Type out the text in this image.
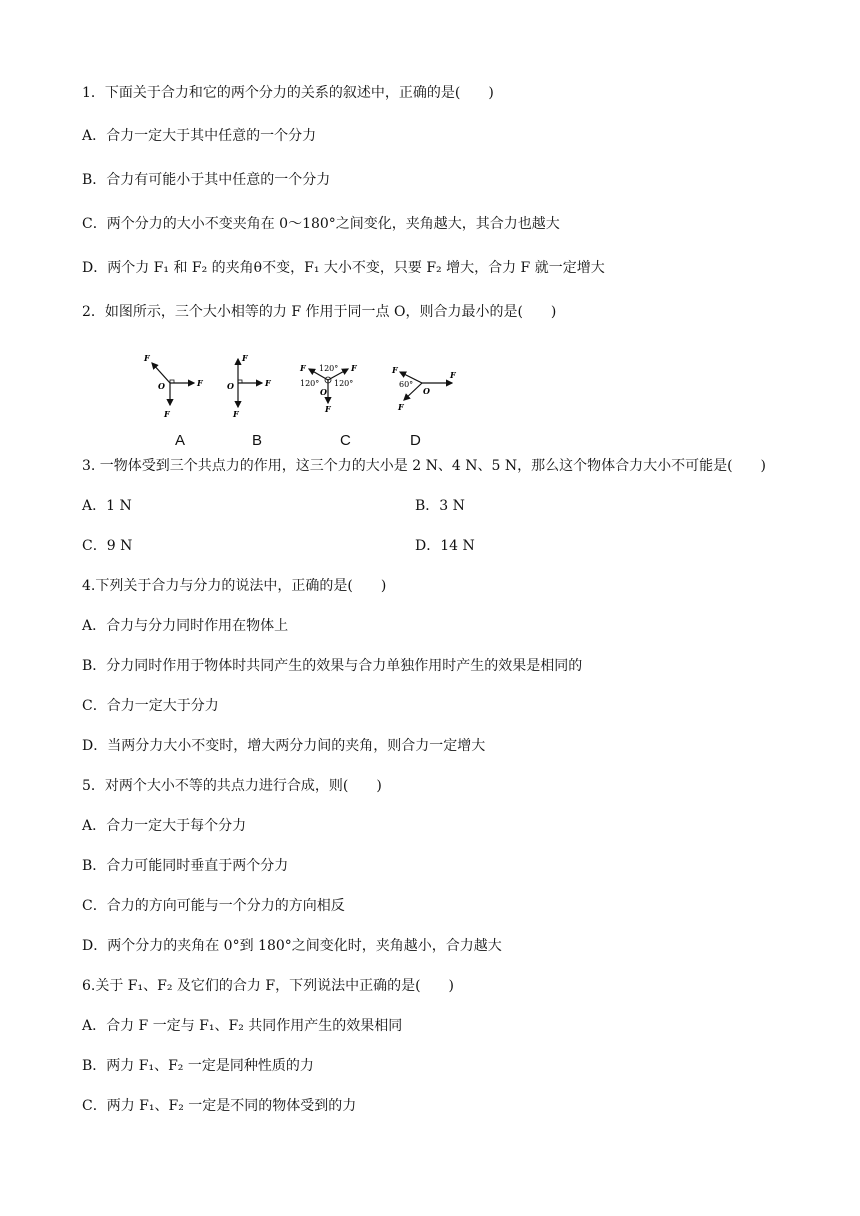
1．下面关于合力和它的两个分力的关系的叙述中，正确的是(　　)
A．合力一定大于其中任意的一个分力
B．合力有可能小于其中任意的一个分力
C．两个分力的大小不变夹角在 0～180°之间变化，夹角越大，其合力也越大
D．两个力 F₁ 和 F₂ 的夹角θ不变，F₁ 大小不变，只要 F₂ 增大，合力 F 就一定增大
2．如图所示，三个大小相等的力 F 作用于同一点 O，则合力最小的是(　　)
F
F
F
O
F
F
F
O
F	F
F
O
120°
120° 120°
F	F
F
O
60°
A	B	C	D
3. 一物体受到三个共点力的作用，这三个力的大小是 2 N、4 N、5 N，那么这个物体合力大小不可能是(　　)
A．1 N	B．3 N
C．9 N	D．14 N
4.下列关于合力与分力的说法中，正确的是(　　)
A．合力与分力同时作用在物体上
B．分力同时作用于物体时共同产生的效果与合力单独作用时产生的效果是相同的
C．合力一定大于分力
D．当两分力大小不变时，增大两分力间的夹角，则合力一定增大
5．对两个大小不等的共点力进行合成，则(　　)
A．合力一定大于每个分力
B．合力可能同时垂直于两个分力
C．合力的方向可能与一个分力的方向相反
D．两个分力的夹角在 0°到 180°之间变化时，夹角越小，合力越大
6.关于 F₁、F₂ 及它们的合力 F，下列说法中正确的是(　　)
A．合力 F 一定与 F₁、F₂ 共同作用产生的效果相同
B．两力 F₁、F₂ 一定是同种性质的力
C．两力 F₁、F₂ 一定是不同的物体受到的力
